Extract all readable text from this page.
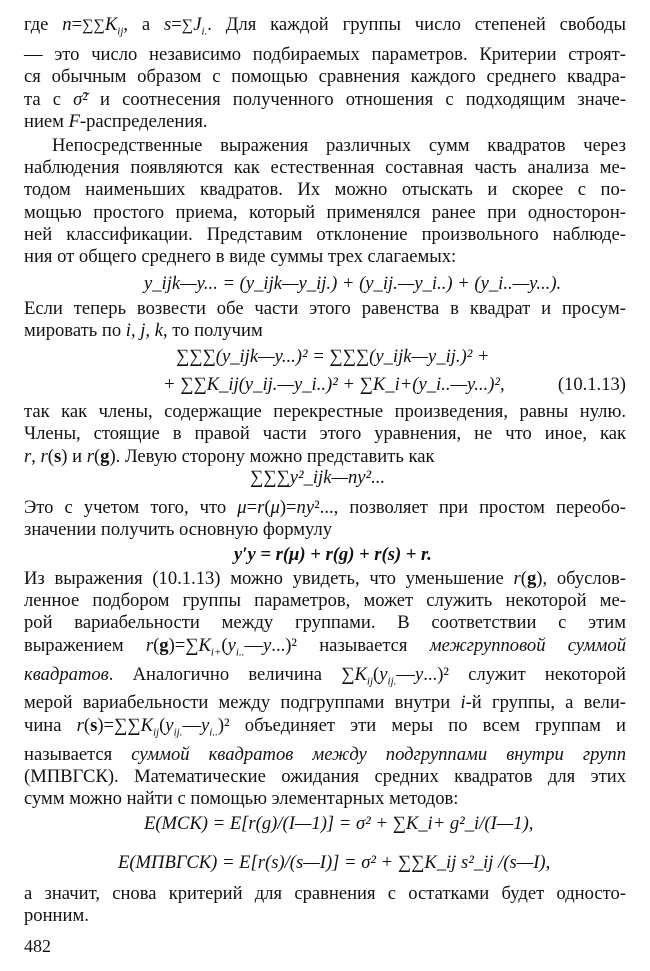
где $n=\sum\sum K_{ij}$, а $s=\sum J_{i.}$. Для каждой группы число степеней свободы
— это число независимо подбираемых параметров. Критерии строят-
ся обычным образом с помощью сравнения каждого среднего квадра-
та с σ̃² и соотнесения полученного отношения с подходящим значе-
нием F-распределения.
Непосредственные выражения различных сумм квадратов через
наблюдения появляются как естественная составная часть анализа ме-
тодом наименьших квадратов. Их можно отыскать и скорее с по-
мощью простого приема, который применялся ранее при односторон-
ней классификации. Представим отклонение произвольного наблюде-
ния от общего среднего в виде суммы трех слагаемых:
y_ijk—y... = (y_ijk—y_ij.) + (y_ij.—y_i..) + (y_i..—y...).
Если теперь возвести обе части этого равенства в квадрат и просум-
мировать по i, j, k, то получим
∑∑∑(y_ijk—y...)² = ∑∑∑(y_ijk—y_ij.)² +
+ ∑∑K_ij(y_ij.—y_i..)² + ∑K_i+(y_i..—y...)²,	(10.1.13)
так как члены, содержащие перекрестные произведения, равны нулю.
Члены, стоящие в правой части этого уравнения, не что иное, как
r, r(s) и r(g). Левую сторону можно представить как
∑∑∑y²_ijk—ny²...
Это с учетом того, что μ=r(μ)=ny²..., позволяет при простом переобо-
значении получить основную формулу
y′y = r(μ) + r(g) + r(s) + r.
Из выражения (10.1.13) можно увидеть, что уменьшение r(g), обуслов-
ленное подбором группы параметров, может служить некоторой ме-
рой вариабельности между группами. В соответствии с этим
выражением $r(g)=\sum K_{i+}(y_{i..}—y...)^2$ называется межгрупповой суммой
квадратов. Аналогично величина $\sum K_{ij}(y_{ij.}—y...)^2$ служит некоторой
мерой вариабельности между подгруппами внутри i-й группы, а вели-
чина $r(s)=\sum\sum K_{ij}(y_{ij.}—y_{i..})^2$ объединяет эти меры по всем группам и
называется суммой квадратов между подгруппами внутри групп
(МПВГСК). Математические ожидания средних квадратов для этих
сумм можно найти с помощью элементарных методов:
E(МСК) = E[r(g)/(I—1)] = σ² + ∑K_i+ g²_i/(I—1),
E(МПВГСК) = E[r(s)/(s—I)] = σ² + ∑∑K_ij s²_ij /(s—I),
а значит, снова критерий для сравнения с остатками будет односто-
ронним.
482
